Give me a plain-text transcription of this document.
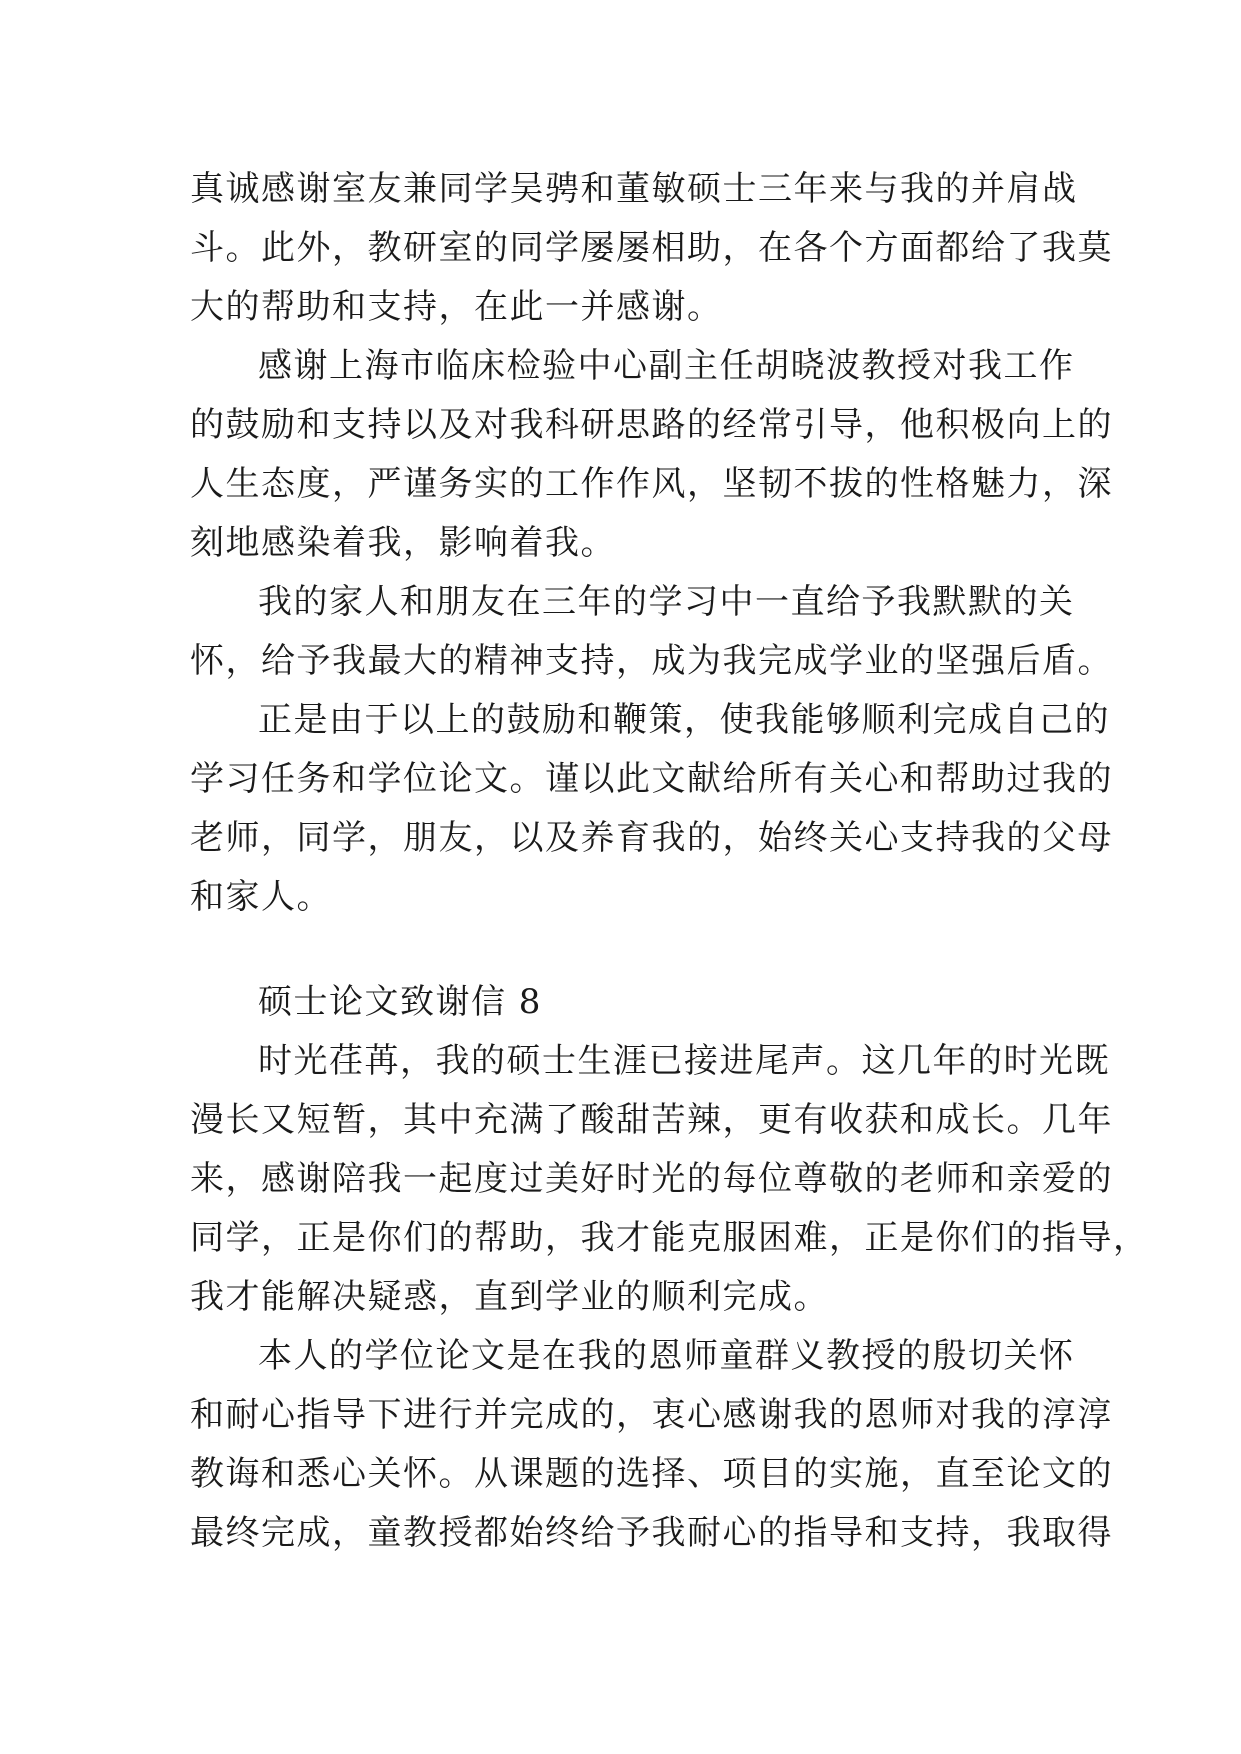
真诚感谢室友兼同学吴骋和董敏硕士三年来与我的并肩战
斗。此外，教研室的同学屡屡相助，在各个方面都给了我莫
大的帮助和支持，在此一并感谢。
感谢上海市临床检验中心副主任胡晓波教授对我工作
的鼓励和支持以及对我科研思路的经常引导，他积极向上的
人生态度，严谨务实的工作作风，坚韧不拔的性格魅力，深
刻地感染着我，影响着我。
我的家人和朋友在三年的学习中一直给予我默默的关
怀，给予我最大的精神支持，成为我完成学业的坚强后盾。
正是由于以上的鼓励和鞭策，使我能够顺利完成自己的
学习任务和学位论文。谨以此文献给所有关心和帮助过我的
老师，同学，朋友，以及养育我的，始终关心支持我的父母
和家人。
硕士论文致谢信 8
时光荏苒，我的硕士生涯已接进尾声。这几年的时光既
漫长又短暂，其中充满了酸甜苦辣，更有收获和成长。几年
来，感谢陪我一起度过美好时光的每位尊敬的老师和亲爱的
同学，正是你们的帮助，我才能克服困难，正是你们的指导，
我才能解决疑惑，直到学业的顺利完成。
本人的学位论文是在我的恩师童群义教授的殷切关怀
和耐心指导下进行并完成的，衷心感谢我的恩师对我的淳淳
教诲和悉心关怀。从课题的选择、项目的实施，直至论文的
最终完成，童教授都始终给予我耐心的指导和支持，我取得
